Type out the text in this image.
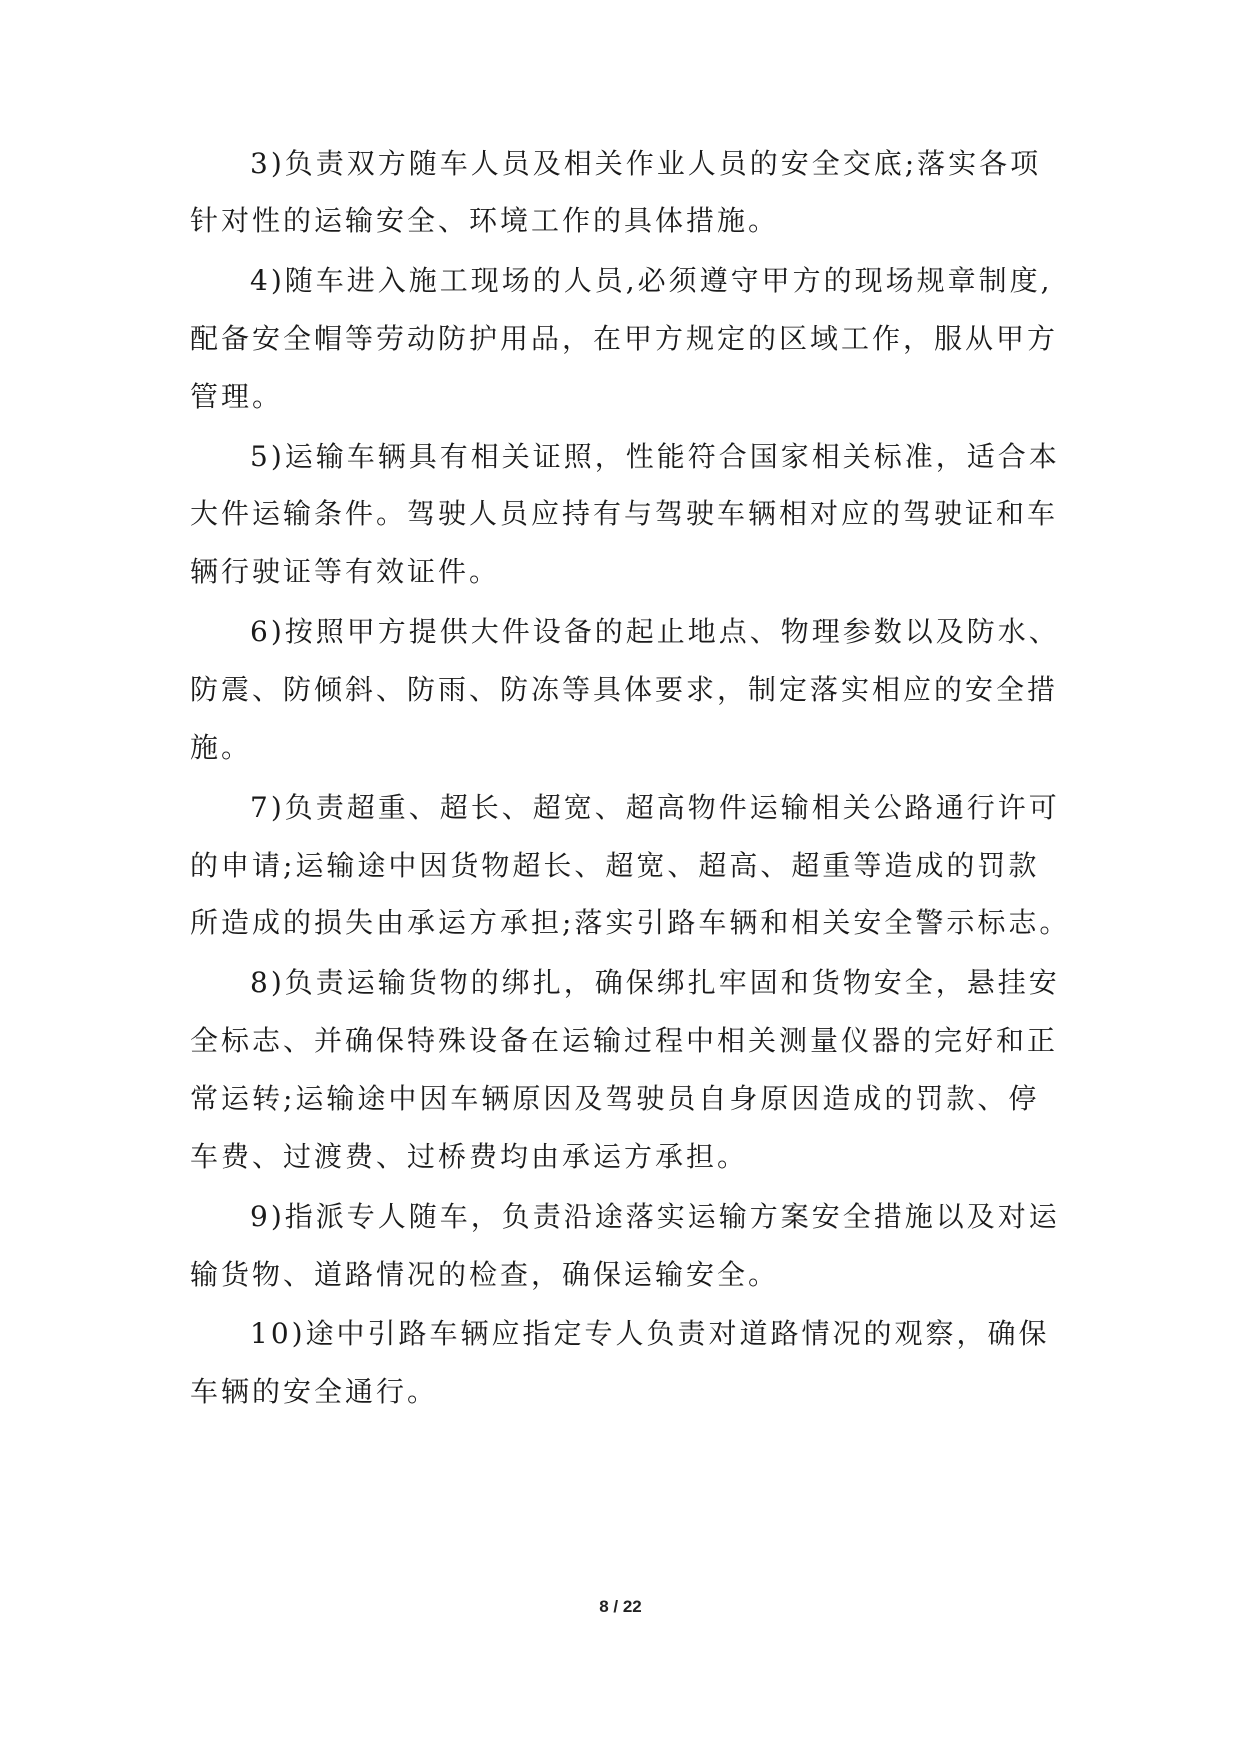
3)负责双方随车人员及相关作业人员的安全交底;落实各项
针对性的运输安全、环境工作的具体措施。
4)随车进入施工现场的人员,必须遵守甲方的现场规章制度,
配备安全帽等劳动防护用品，在甲方规定的区域工作，服从甲方
管理。
5)运输车辆具有相关证照，性能符合国家相关标准，适合本
大件运输条件。驾驶人员应持有与驾驶车辆相对应的驾驶证和车
辆行驶证等有效证件。
6)按照甲方提供大件设备的起止地点、物理参数以及防水、
防震、防倾斜、防雨、防冻等具体要求，制定落实相应的安全措
施。
7)负责超重、超长、超宽、超高物件运输相关公路通行许可
的申请;运输途中因货物超长、超宽、超高、超重等造成的罚款
所造成的损失由承运方承担;落实引路车辆和相关安全警示标志。
8)负责运输货物的绑扎，确保绑扎牢固和货物安全，悬挂安
全标志、并确保特殊设备在运输过程中相关测量仪器的完好和正
常运转;运输途中因车辆原因及驾驶员自身原因造成的罚款、停
车费、过渡费、过桥费均由承运方承担。
9)指派专人随车，负责沿途落实运输方案安全措施以及对运
输货物、道路情况的检查，确保运输安全。
10)途中引路车辆应指定专人负责对道路情况的观察，确保
车辆的安全通行。
8 / 22
